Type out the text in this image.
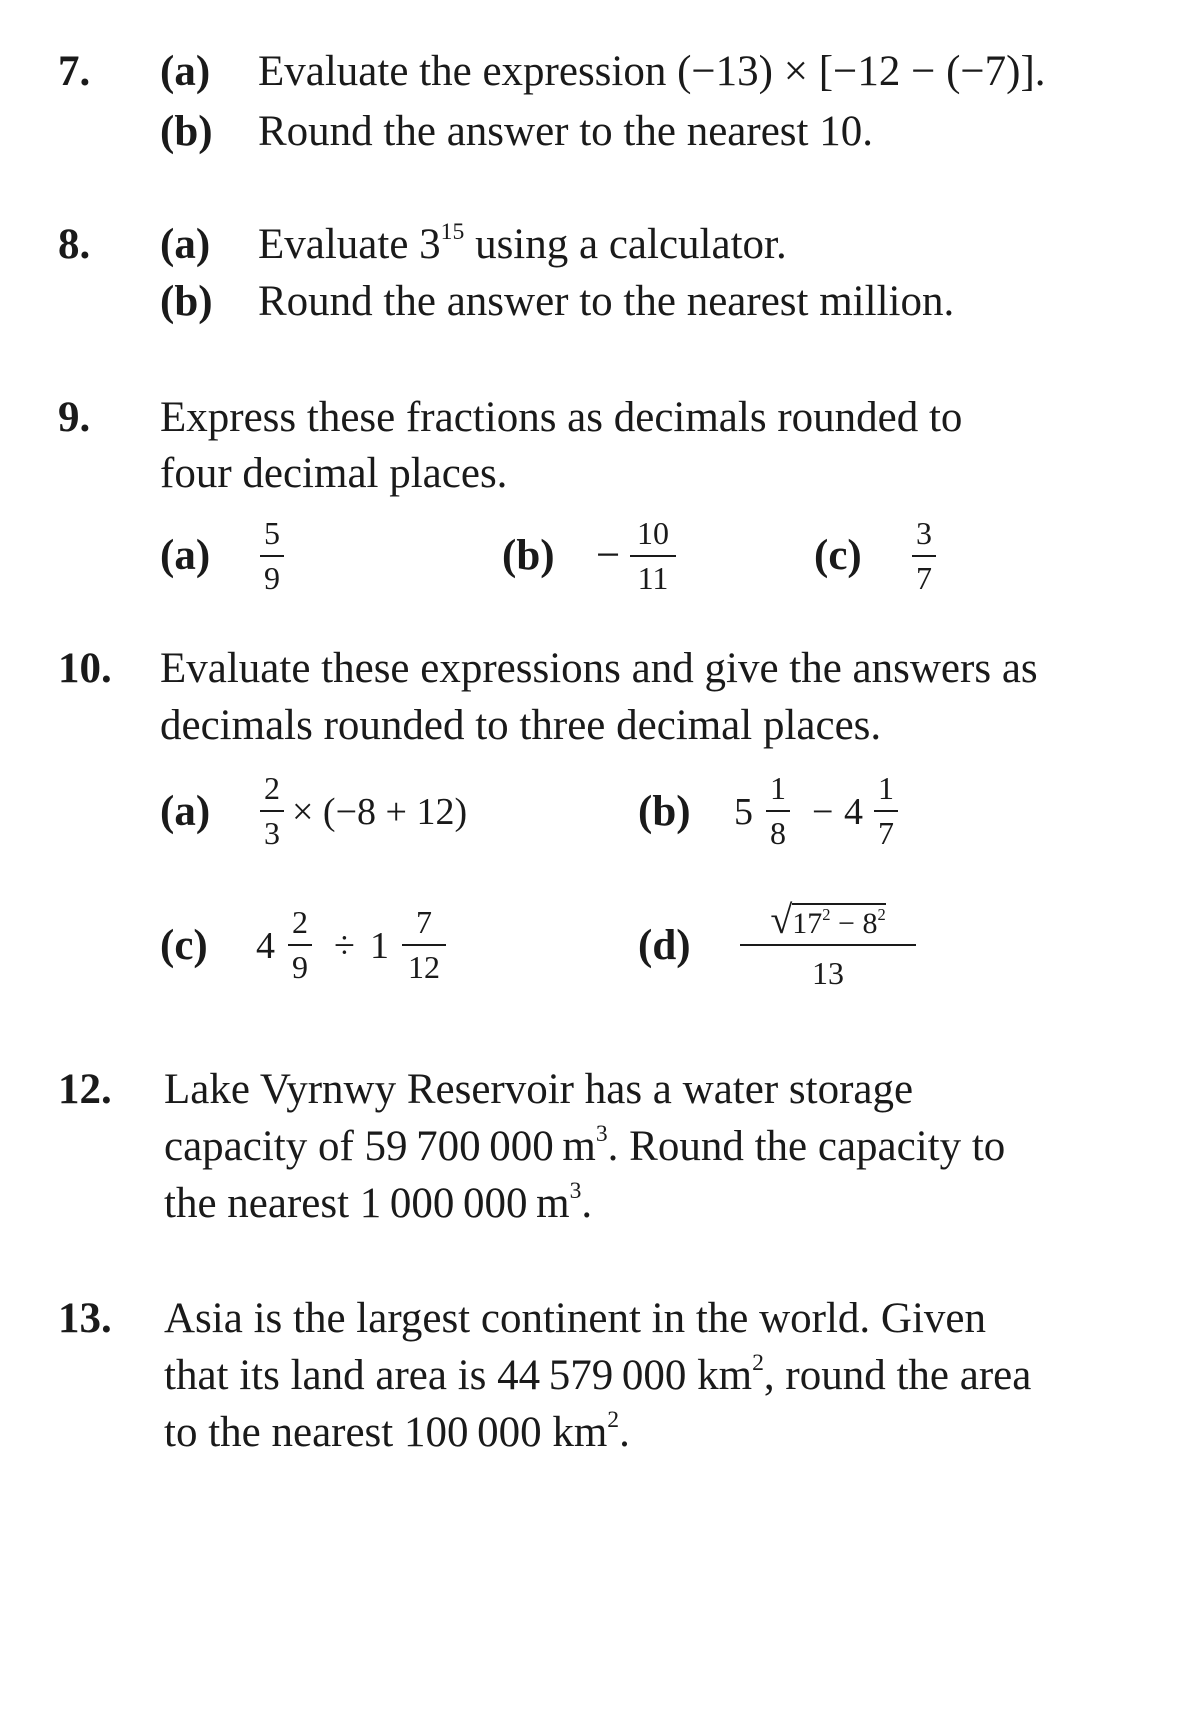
7. (a) Evaluate the expression (−13) × [−12 − (−7)].
(b) Round the answer to the nearest 10.
8. (a) Evaluate $3^{15}$ using a calculator.
(b) Round the answer to the nearest million.
9. Express these fractions as decimals rounded to
four decimal places.
(a) 5
9	(b) − 10
11	(c) 3
7
10. Evaluate these expressions and give the answers as
decimals rounded to three decimal places.
(a) 2
3 × (−8 + 12)	(b) 5
1
8 − 4
1
7
(c) 4
2
9 ÷ 1
7
12	(d)
$√17^2 - 8^2$
13
12. Lake Vyrnwy Reservoir has a water storage
capacity of 59 700 000 $m^3$. Round the capacity to
the nearest 1 000 000 $m^3$.
13. Asia is the largest continent in the world. Given
that its land area is 44 579 000 $km^2$, round the area
to the nearest 100 000 $km^2$.
